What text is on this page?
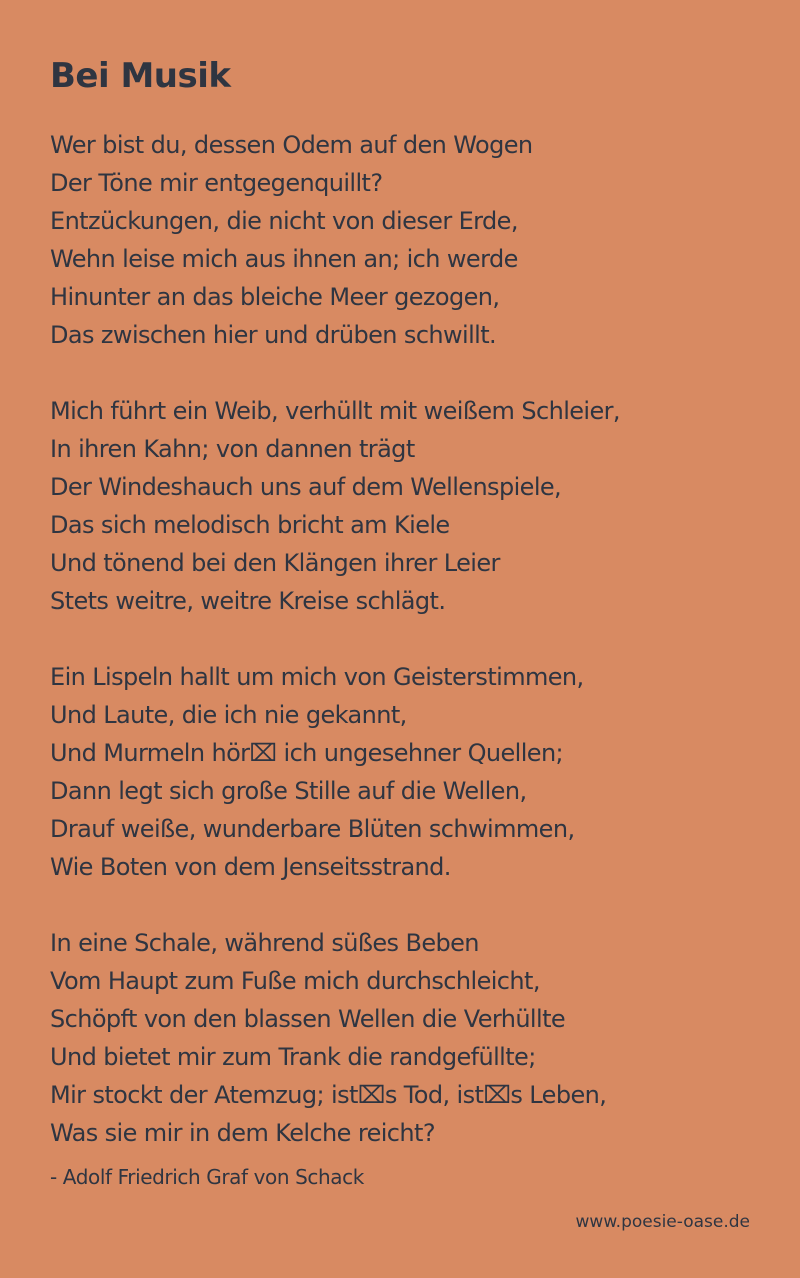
Bei Musik
Wer bist du, dessen Odem auf den Wogen
Der Töne mir entgegenquillt?
Entzückungen, die nicht von dieser Erde,
Wehn leise mich aus ihnen an; ich werde
Hinunter an das bleiche Meer gezogen,
Das zwischen hier und drüben schwillt.
Mich führt ein Weib, verhüllt mit weißem Schleier,
In ihren Kahn; von dannen trägt
Der Windeshauch uns auf dem Wellenspiele,
Das sich melodisch bricht am Kiele
Und tönend bei den Klängen ihrer Leier
Stets weitre, weitre Kreise schlägt.
Ein Lispeln hallt um mich von Geisterstimmen,
Und Laute, die ich nie gekannt,
Und Murmeln hör⌧ ich ungesehner Quellen;
Dann legt sich große Stille auf die Wellen,
Drauf weiße, wunderbare Blüten schwimmen,
Wie Boten von dem Jenseitsstrand.
In eine Schale, während süßes Beben
Vom Haupt zum Fuße mich durchschleicht,
Schöpft von den blassen Wellen die Verhüllte
Und bietet mir zum Trank die randgefüllte;
Mir stockt der Atemzug; ist⌧s Tod, ist⌧s Leben,
Was sie mir in dem Kelche reicht?
- Adolf Friedrich Graf von Schack
www.poesie-oase.de
